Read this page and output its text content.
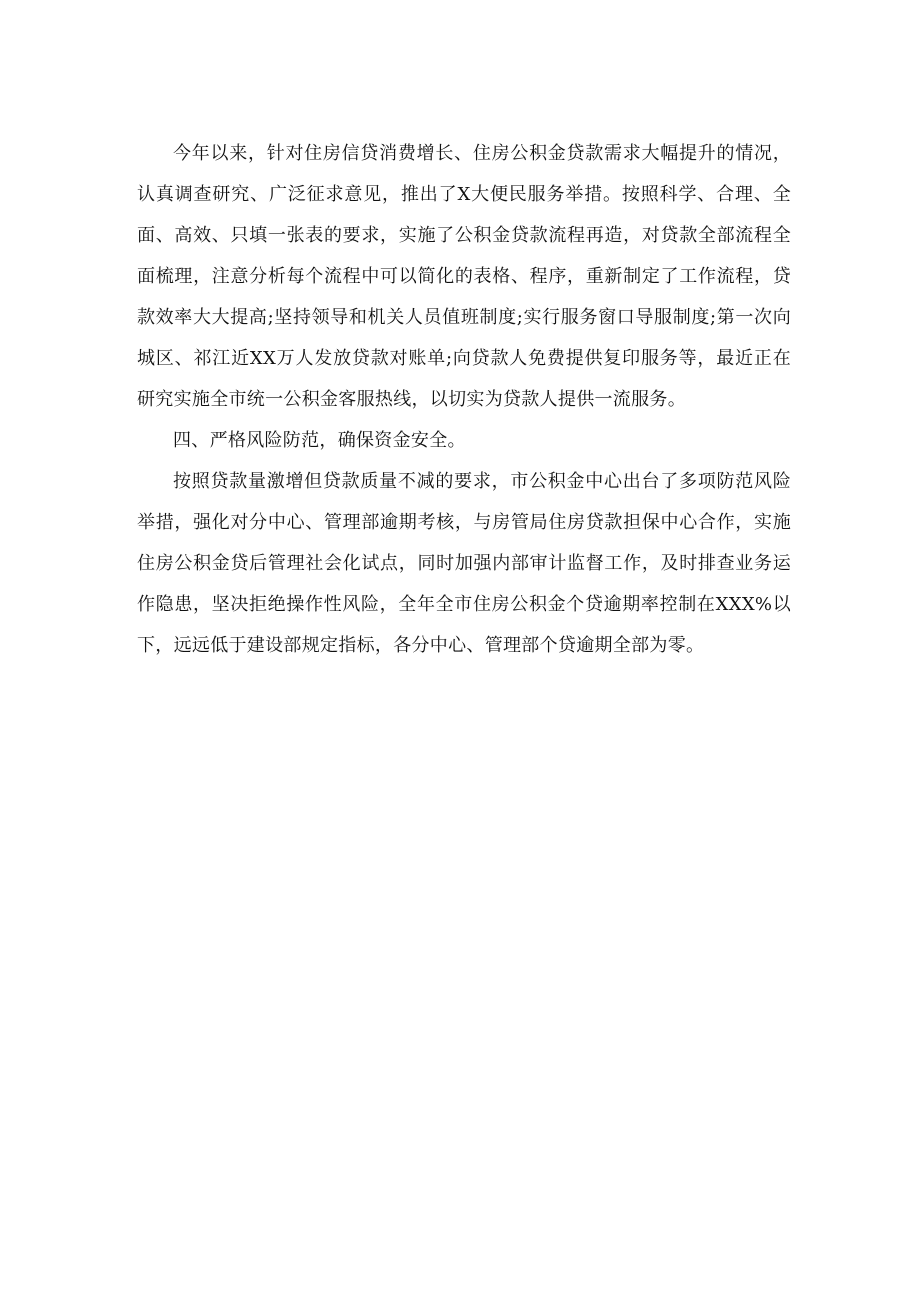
今年以来，针对住房信贷消费增长、住房公积金贷款需求大幅提升的情况，认真调查研究、广泛征求意见，推出了X大便民服务举措。按照科学、合理、全面、高效、只填一张表的要求，实施了公积金贷款流程再造，对贷款全部流程全面梳理，注意分析每个流程中可以简化的表格、程序，重新制定了工作流程，贷款效率大大提高;坚持领导和机关人员值班制度;实行服务窗口导服制度;第一次向城区、祁江近XX万人发放贷款对账单;向贷款人免费提供复印服务等，最近正在研究实施全市统一公积金客服热线，以切实为贷款人提供一流服务。

四、严格风险防范，确保资金安全。

按照贷款量激增但贷款质量不减的要求，市公积金中心出台了多项防范风险举措，强化对分中心、管理部逾期考核，与房管局住房贷款担保中心合作，实施住房公积金贷后管理社会化试点，同时加强内部审计监督工作，及时排查业务运作隐患，坚决拒绝操作性风险，全年全市住房公积金个贷逾期率控制在XXX%以下，远远低于建设部规定指标，各分中心、管理部个贷逾期全部为零。
